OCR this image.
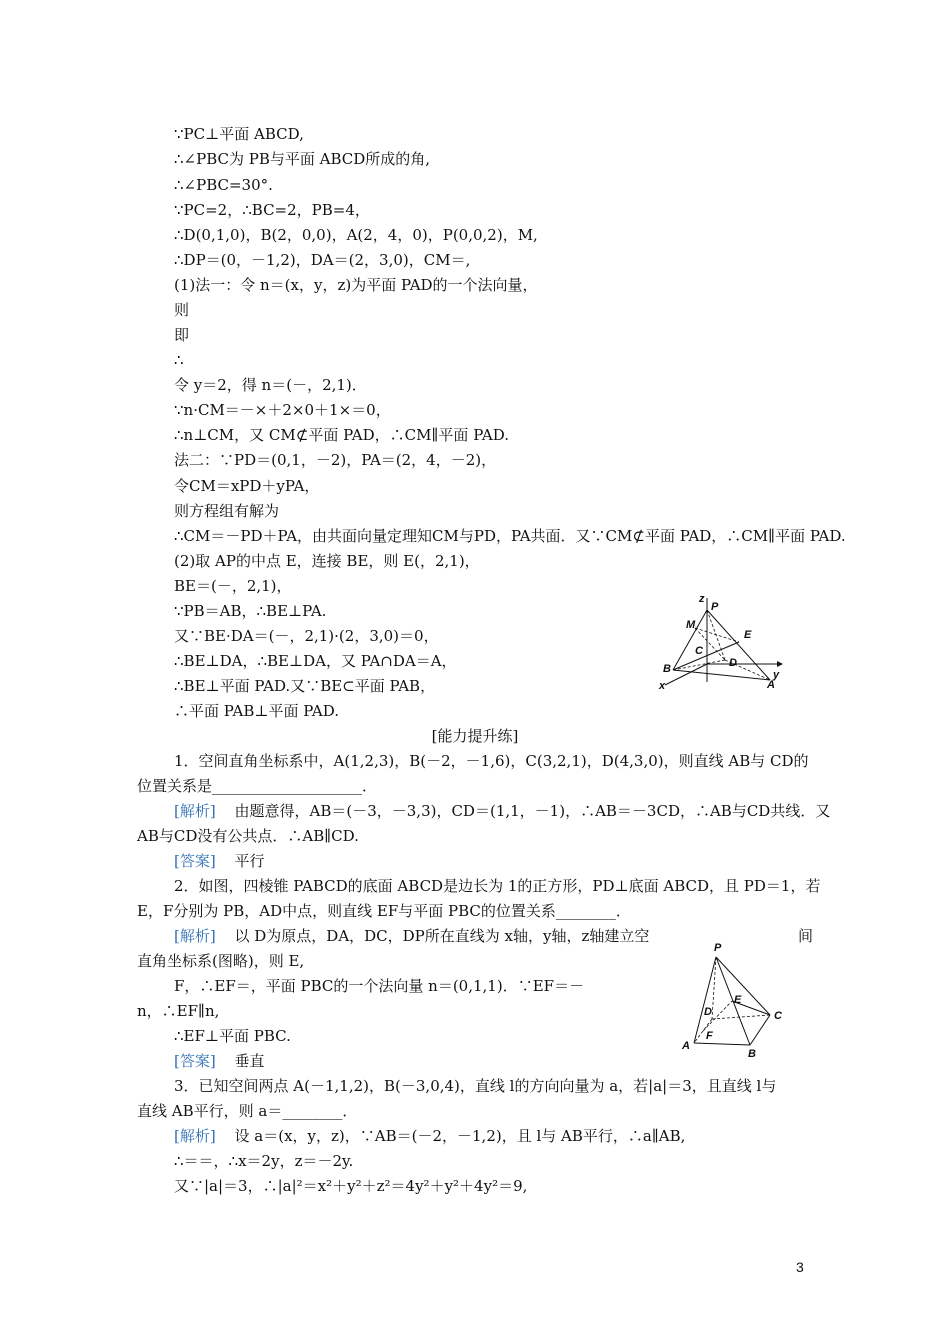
∵PC⊥平面 ABCD,
∴∠PBC为 PB与平面 ABCD所成的角,
∴∠PBC=30°.
∵PC=2，∴BC=2，PB=4，
∴D(0,1,0)，B(2，0,0)，A(2，4，0)，P(0,0,2)，M,
∴DP＝(0，－1,2)，DA＝(2，3,0)，CM＝,
(1)法一：令 n＝(x，y，z)为平面 PAD的一个法向量，
则
即
∴
令 y＝2，得 n＝(－，2,1)．
∵n·CM＝－×＋2×0＋1×＝0，
∴n⊥CM，又 CM⊄平面 PAD，∴CM∥平面 PAD.
法二：∵PD＝(0,1，－2)，PA＝(2，4，－2)，
令CM＝xPD＋yPA，
则方程组有解为
∴CM＝－PD＋PA，由共面向量定理知CM与PD，PA共面．又∵CM⊄平面 PAD，∴CM∥平面 PAD.
(2)取 AP的中点 E，连接 BE，则 E(，2,1)，
BE＝(－，2,1)，
∵PB＝AB，∴BE⊥PA.
又∵BE·DA＝(－，2,1)·(2，3,0)＝0，
∴BE⊥DA，∴BE⊥DA，又 PA∩DA＝A，
∴BE⊥平面 PAD.又∵BE⊂平面 PAB，
∴平面 PAB⊥平面 PAD.
z
P
M
E
C
D
y
B
x	A
[能力提升练]
1．空间直角坐标系中，A(1,2,3)，B(－2，－1,6)，C(3,2,1)，D(4,3,0)，则直线 AB与 CD的
位置关系是____________________．
[解析] 由题意得，AB＝(－3，－3,3)，CD＝(1,1，－1)，∴AB＝－3CD，∴AB与CD共线．又
AB与CD没有公共点．∴AB∥CD.
[答案] 平行
2．如图，四棱锥 PABCD的底面 ABCD是边长为 1的正方形，PD⊥底面 ABCD，且 PD＝1，若
E，F分别为 PB，AD中点，则直线 EF与平面 PBC的位置关系________．
[解析] 以 D为原点，DA，DC，DP所在直线为 x轴，y轴，z轴建立空	间
直角坐标系(图略)，则 E,
F，∴EF＝，平面 PBC的一个法向量 n＝(0,1,1)．∵EF＝－
n，∴EF∥n,
∴EF⊥平面 PBC.
[答案] 垂直
P
E
D	C
F
A
B
3．已知空间两点 A(－1,1,2)，B(－3,0,4)，直线 l的方向向量为 a，若|a|＝3，且直线 l与
直线 AB平行，则 a＝________．
[解析] 设 a＝(x，y，z)，∵AB＝(－2，－1,2)，且 l与 AB平行，∴a∥AB,
∴＝＝，∴x＝2y，z＝－2y.
又∵|a|＝3，∴|a|²＝x²＋y²＋z²＝4y²＋y²＋4y²＝9,
3
